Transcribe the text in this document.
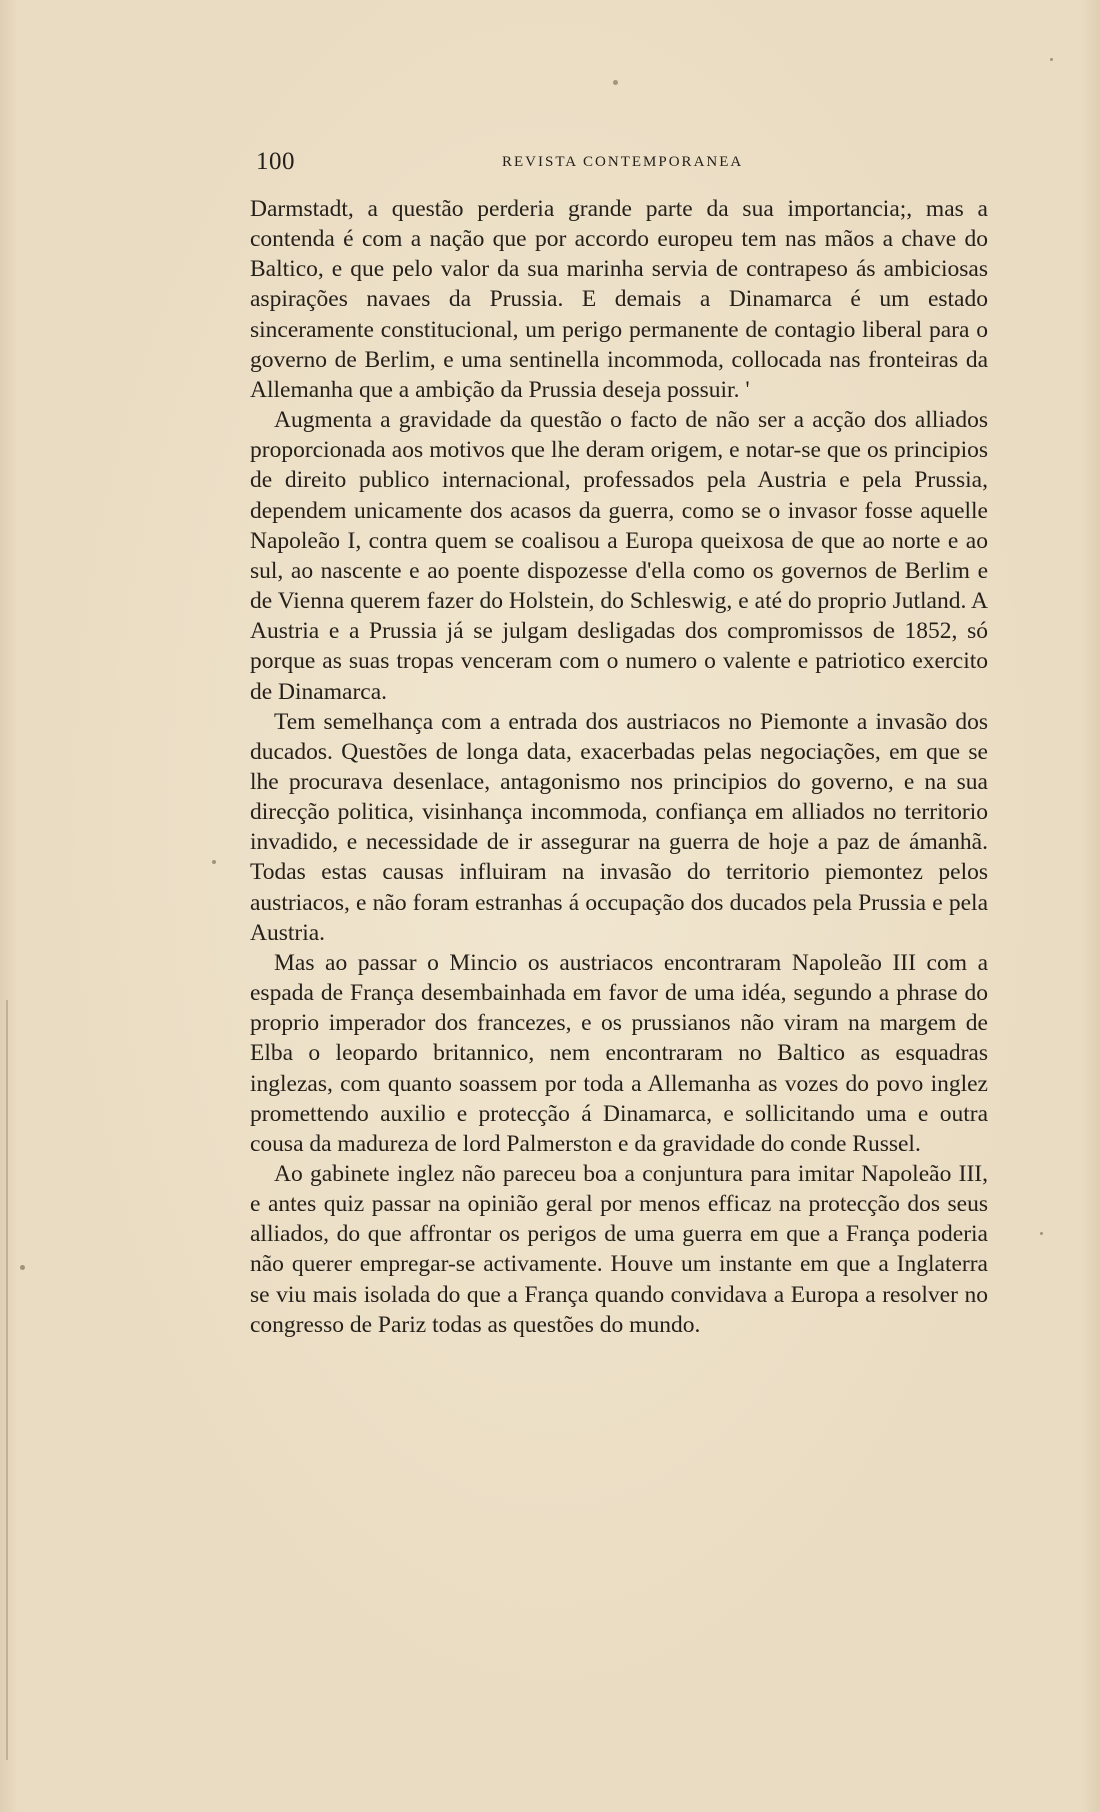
100	REVISTA CONTEMPORANEA

Darmstadt, a questão perderia grande parte da sua importancia;, mas a contenda é com a nação que por accordo europeu tem nas mãos a chave do Baltico, e que pelo valor da sua marinha servia de contrapeso ás ambiciosas aspirações navaes da Prussia. E demais a Dinamarca é um estado sinceramente constitucional, um perigo permanente de contagio liberal para o governo de Berlim, e uma sentinella incommoda, collocada nas fronteiras da Allemanha que a ambição da Prussia deseja possuir. '

Augmenta a gravidade da questão o facto de não ser a acção dos alliados proporcionada aos motivos que lhe deram origem, e notar-se que os principios de direito publico internacional, professados pela Austria e pela Prussia, dependem unicamente dos acasos da guerra, como se o invasor fosse aquelle Napoleão I, contra quem se coalisou a Europa queixosa de que ao norte e ao sul, ao nascente e ao poente dispozesse d'ella como os governos de Berlim e de Vienna querem fazer do Holstein, do Schleswig, e até do proprio Jutland. A Austria e a Prussia já se julgam desligadas dos compromissos de 1852, só porque as suas tropas venceram com o numero o valente e patriotico exercito de Dinamarca.

Tem semelhança com a entrada dos austriacos no Piemonte a invasão dos ducados. Questões de longa data, exacerbadas pelas negociações, em que se lhe procurava desenlace, antagonismo nos principios do governo, e na sua direcção politica, visinhança incommoda, confiança em alliados no territorio invadido, e necessidade de ir assegurar na guerra de hoje a paz de ámanhã. Todas estas causas influiram na invasão do territorio piemontez pelos austriacos, e não foram estranhas á occupação dos ducados pela Prussia e pela Austria.

Mas ao passar o Mincio os austriacos encontraram Napoleão III com a espada de França desembainhada em favor de uma idéa, segundo a phrase do proprio imperador dos francezes, e os prussianos não viram na margem de Elba o leopardo britannico, nem encontraram no Baltico as esquadras inglezas, com quanto soassem por toda a Allemanha as vozes do povo inglez promettendo auxilio e protecção á Dinamarca, e sollicitando uma e outra cousa da madureza de lord Palmerston e da gravidade do conde Russel.

Ao gabinete inglez não pareceu boa a conjuntura para imitar Napoleão III, e antes quiz passar na opinião geral por menos efficaz na protecção dos seus alliados, do que affrontar os perigos de uma guerra em que a França poderia não querer empregar-se activamente. Houve um instante em que a Inglaterra se viu mais isolada do que a França quando convidava a Europa a resolver no congresso de Pariz todas as questões do mundo.
